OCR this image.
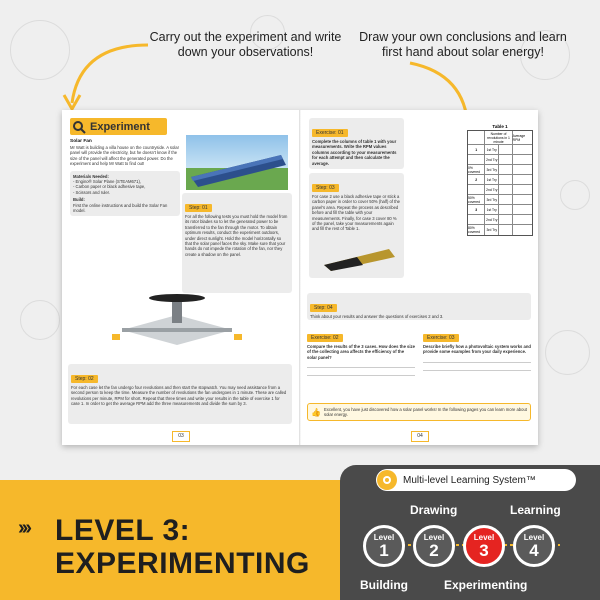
Carry out the experiment and write down your observations!
Draw your own conclusions and learn first hand about solar energy!
Experiment
Solar Fan
Mr Watt is building a villa house on the countryside. A solar panel will provide the electricity, but he doesn't know if the size of the panel will affect the generated power. Do the experiment and help Mr Watt to find out!
Materials Needed:
- Engino® Solar Plane (STEAM671),
- Carbon paper or black adhesive tape,
- Scissors and ruler.
Build:
First the online instructions and build the Solar Fan model.	Step: 01
For all the following tests you must hold the model from its rotor blades so to let the generated power to be transferred to the fan through the motor. To obtain optimum results, conduct the experiment outdoors, under direct sunlight. Hold the model horizontally so that the solar panel faces the sky. Make sure that your hands do not impede the rotation of the fan, nor they create a shadow on the panel.
Step: 02
For each case let the fan undergo four revolutions and then start the stopwatch. You may need assistance from a second person to keep the time. Measure the number of revolutions the fan undergoes in 1 minute. These are called revolutions per minute, RPM for short. Repeat that three times and write your results in the table of exercise 1 for case 1. In order to get the average RPM add the three measurements and divide the sum by 3.
03
Exercise: 01
Complete the columns of table 1 with your measurements. Write the RPM values columns according to your measurements for each attempt and then calculate the average.
Step: 03
For case 2 use a black adhesive tape or stick a carbon paper in order to cover 50% (half) of the panel's area. Repeat the process as described before and fill the table with your measurements. Finally, for case 3 cover 80 % of the panel, take your measurements again and fill the rest of Table 1.
Table 1
Number of revolutions in 1 minute
Average RPM
1	1st Try
2nd Try
0% covered	3rd Try
2	1st Try
2nd Try
50% covered	3rd Try
3	1st Try
2nd Try
80% covered	3rd Try
Step: 04
Think about your results and answer the questions of exercises 2 and 3.
Exercise: 02
Compare the results of the 3 cases. How does the size of the collecting area affects the efficiency of the solar panel?
Exercise: 03
Describe briefly how a photovoltaic system works and provide some examples from your daily experience.
👍 Excellent, you have just discovered how a solar panel works! In the following pages you can learn more about solar energy.
04
››› LEVEL 3:
EXPERIMENTING
Multi-level Learning System™
Level
1
Level
2
Level
3
Level
4
Drawing	Learning
Building	Experimenting
